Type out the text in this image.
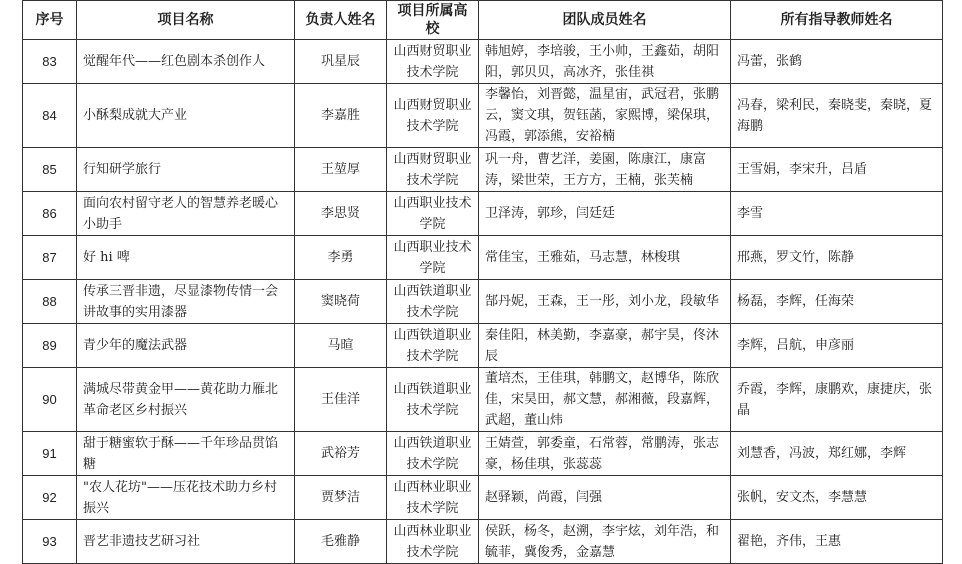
序号	项目名称	负责人姓名	项目所属高校	团队成员姓名	所有指导教师姓名
83	觉醒年代——红色剧本杀创作人	巩星辰	山西财贸职业技术学院	韩旭婷，李培骏，王小帅，王鑫茹，胡阳阳，郭贝贝，高冰齐，张佳祺	冯蕾，张鹤
84	小酥梨成就大产业	李嘉胜	山西财贸职业技术学院	李馨怡，刘晋懿，温星宙，武冠君，张鹏云，窦文琪，贺钰菡，家熙博，梁保琪，冯霞，郭添熊，安裕楠	冯春，梁利民，秦晓斐，秦晓，夏海鹏
85	行知研学旅行	王堃厚	山西财贸职业技术学院	巩一舟，曹艺洋，姜園，陈康江，康富涛，梁世荣，王方方，王楠，张芙楠	王雪娟，李宋升，吕盾
86	面向农村留守老人的智慧养老暖心小助手	李思贤	山西职业技术学院	卫泽涛，郭珍，闫廷廷	李雪
87	好 hi 啤	李勇	山西职业技术学院	常佳宝，王雅茹，马志慧，林梭琪	邢燕，罗文竹，陈静
88	传承三晋非遗，尽显漆物传情一会讲故事的实用漆器	窦晓荷	山西铁道职业技术学院	郜丹妮，王森，王一彤，刘小龙，段敏华	杨磊，李辉，任海荣
89	青少年的魔法武器	马暄	山西铁道职业技术学院	秦佳阳，林美勤，李嘉豪，郝宇昊，佟沐辰	李辉，吕航，申彦丽
90	满城尽带黄金甲——黄花助力雁北革命老区乡村振兴	王佳洋	山西铁道职业技术学院	董培杰，王佳琪，韩鹏文，赵博华，陈欣佳，宋昊田，郝文慧，郝湘薇，段嘉辉，武超，董山炜	乔霞，李辉，康鹏欢，康捷庆，张晶
91	甜于糖蜜软于酥——千年珍品贯馅糖	武裕芳	山西铁道职业技术学院	王婧萱，郭委童，石常蓉，常鹏涛，张志豪，杨佳琪，张蕊蕊	刘慧香，冯波，郑红娜，李辉
92	"农人花坊"——压花技术助力乡村振兴	贾梦洁	山西林业职业技术学院	赵驿颖，尚霞，闫强	张帆，安文杰，李慧慧
93	晋艺非遗技艺研习社	毛雅静	山西林业职业技术学院	侯跃，杨冬，赵溯，李宇炫，刘年浩，和毓菲，冀俊秀，金嘉慧	翟艳，齐伟，王惠
